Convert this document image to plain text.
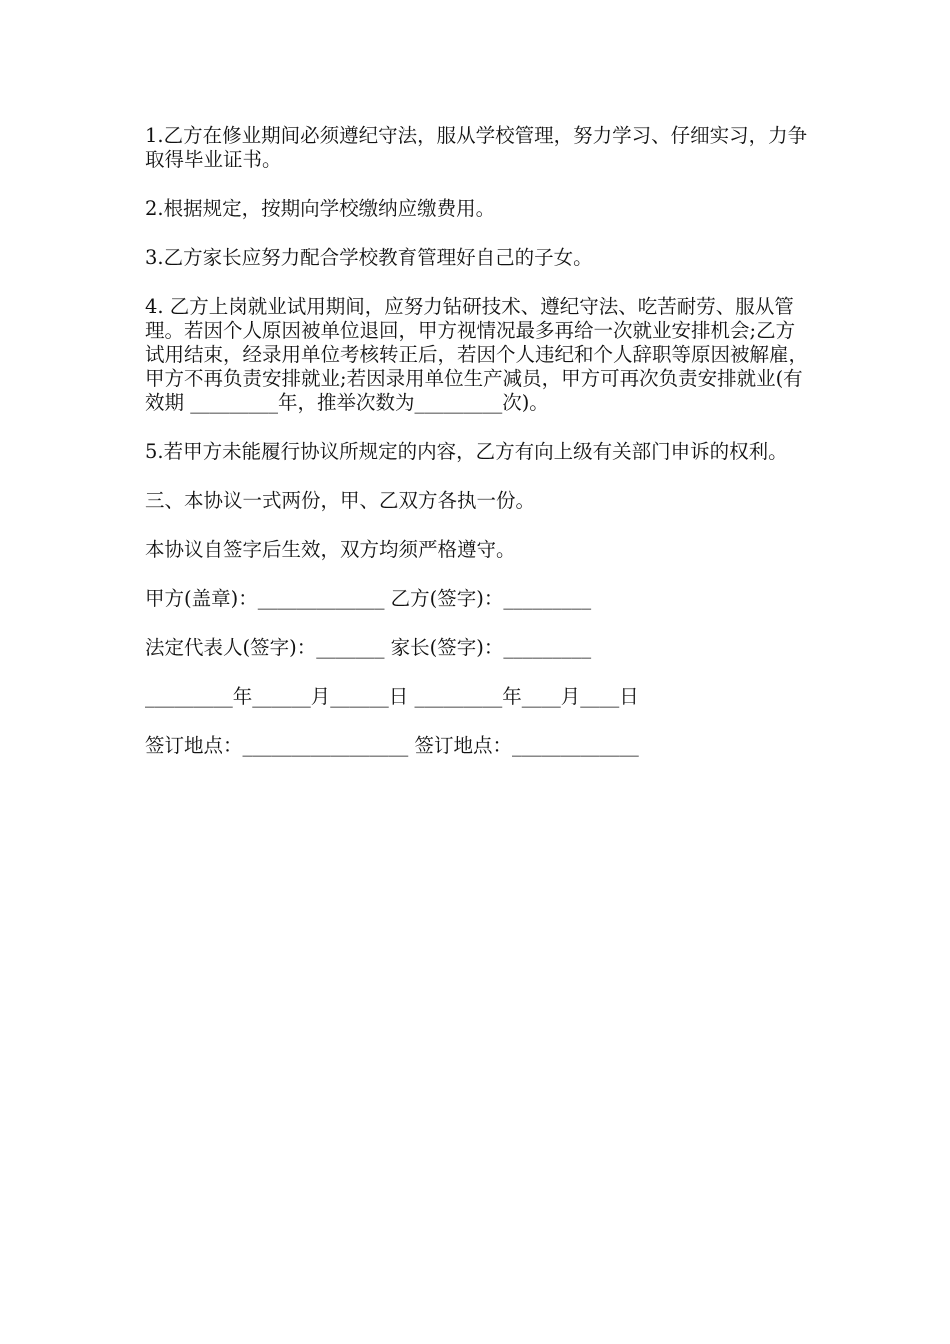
1.乙方在修业期间必须遵纪守法，服从学校管理，努力学习、仔细实习，力争取得毕业证书。

2.根据规定，按期向学校缴纳应缴费用。

3.乙方家长应努力配合学校教育管理好自己的子女。

4. 乙方上岗就业试用期间，应努力钻研技术、遵纪守法、吃苦耐劳、服从管理。若因个人原因被单位退回，甲方视情况最多再给一次就业安排机会;乙方试用结束，经录用单位考核转正后，若因个人违纪和个人辞职等原因被解雇，甲方不再负责安排就业;若因录用单位生产减员，甲方可再次负责安排就业(有效期 _________年，推举次数为_________次)。

5.若甲方未能履行协议所规定的内容，乙方有向上级有关部门申诉的权利。

三、本协议一式两份，甲、乙双方各执一份。

本协议自签字后生效，双方均须严格遵守。

甲方(盖章)：_____________ 乙方(签字)：_________

法定代表人(签字)：_______ 家长(签字)：_________

_________年______月______日 _________年____月____日

签订地点：_________________ 签订地点：_____________
